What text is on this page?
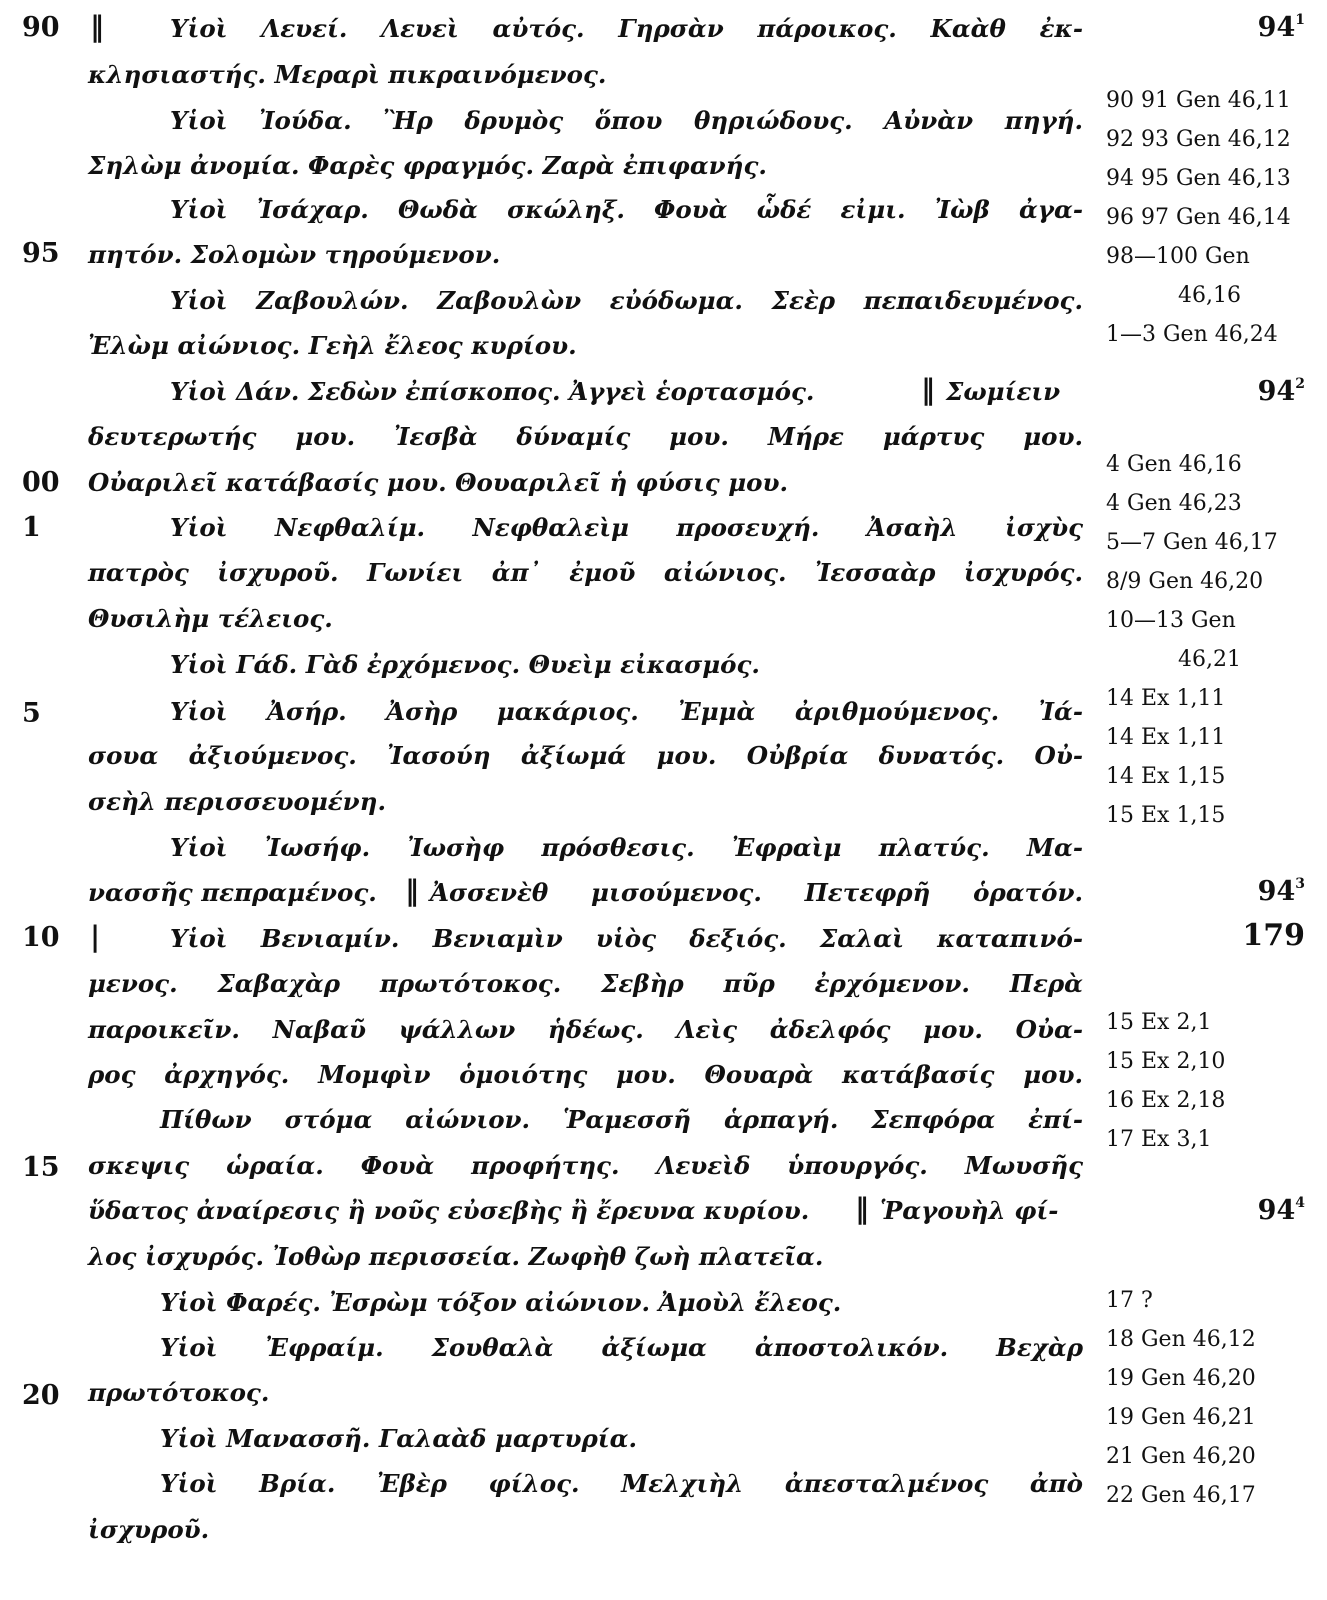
90 ‖
95
00
1
5
10 |
15
20
Υἱοὶ Λευεί. Λευεὶ αὐτός. Γηρσὰν πάροικος. Καὰθ ἐκ-
κλησιαστής. Μεραρὶ πικραινόμενος.
Υἱοὶ Ἰούδα. Ἢρ δρυμὸς ὅπου θηριώδους. Αὐνὰν πηγή.
Σηλὼμ ἀνομία. Φαρὲς φραγμός. Ζαρὰ ἐπιφανής.
Υἱοὶ Ἰσάχαρ. Θωδὰ σκώληξ. Φουὰ ὧδέ εἰμι. Ἰὼβ ἀγα-
πητόν. Σολομὼν τηρούμενον.
Υἱοὶ Ζαβουλών. Ζαβουλὼν εὐόδωμα. Σεὲρ πεπαιδευμένος.
Ἐλὼμ αἰώνιος. Γεὴλ ἔλεος κυρίου.
Υἱοὶ Δάν. Σεδὼν ἐπίσκοπος. Ἀγγεὶ ἑορτασμός.	‖ Σωμίειν
δευτερωτής μου. Ἰεσβὰ δύναμίς μου. Μήρε μάρτυς μου.
Οὐαριλεῖ κατάβασίς μου. Θουαριλεῖ ἡ φύσις μου.
Υἱοὶ Νεφθαλίμ. Νεφθαλεὶμ προσευχή. Ἀσαὴλ ἰσχὺς
πατρὸς ἰσχυροῦ. Γωνίει ἀπ᾽ ἐμοῦ αἰώνιος. Ἰεσσαὰρ ἰσχυρός.
Θυσιλὴμ τέλειος.
Υἱοὶ Γάδ. Γὰδ ἐρχόμενος. Θυεὶμ εἰκασμός.
Υἱοὶ Ἀσήρ. Ἀσὴρ μακάριος. Ἐμμὰ ἀριθμούμενος. Ἰά-
σουα ἀξιούμενος. Ἰασούη ἀξίωμά μου. Οὐβρία δυνατός. Οὐ-
σεὴλ περισσευομένη.
Υἱοὶ Ἰωσήφ. Ἰωσὴφ πρόσθεσις. Ἐφραὶμ πλατύς. Μα-
νασσῆς πεπραμένος. ‖ Ἀσσενὲθ μισούμενος. Πετεφρῆ ὁρατόν.
Υἱοὶ Βενιαμίν. Βενιαμὶν υἱὸς δεξιός. Σαλαὶ καταπινό-
μενος. Σαβαχὰρ πρωτότοκος. Σεβὴρ πῦρ ἐρχόμενον. Περὰ
παροικεῖν. Ναβαῦ ψάλλων ἡδέως. Λεὶς ἀδελφός μου. Οὐα-
ρος ἀρχηγός. Μομφὶν ὁμοιότης μου. Θουαρὰ κατάβασίς μου.
Πίθων στόμα αἰώνιον. Ῥαμεσσῆ ἁρπαγή. Σεπφόρα ἐπί-
σκεψις ὡραία. Φουὰ προφήτης. Λευεὶδ ὑπουργός. Μωυσῆς
ὕδατος ἀναίρεσις ἢ νοῦς εὐσεβὴς ἢ ἔρευνα κυρίου. ‖ Ῥαγουὴλ φί-
λος ἰσχυρός. Ἰοθὼρ περισσεία. Ζωφὴθ ζωὴ πλατεῖα.
Υἱοὶ Φαρές. Ἐσρὼμ τόξον αἰώνιον. Ἀμοὺλ ἔλεος.
Υἱοὶ Ἐφραίμ. Σουθαλὰ ἀξίωμα ἀποστολικόν. Βεχὰρ
πρωτότοκος.
Υἱοὶ Μανασσῆ. Γαλαὰδ μαρτυρία.
Υἱοὶ Βρία. Ἐβὲρ φίλος. Μελχιὴλ ἀπεσταλμένος ἀπὸ
ἰσχυροῦ.
$94^1$
$94^2$
$94^3$
179
$94^4$
90 91 Gen 46,11
92 93 Gen 46,12
94 95 Gen 46,13
96 97 Gen 46,14
98—100 Gen
46,16
1—3 Gen 46,24
4 Gen 46,16
4 Gen 46,23
5—7 Gen 46,17
8/9 Gen 46,20
10—13 Gen
46,21
14 Ex 1,11
14 Ex 1,11
14 Ex 1,15
15 Ex 1,15
15 Ex 2,1
15 Ex 2,10
16 Ex 2,18
17 Ex 3,1
17 ?
18 Gen 46,12
19 Gen 46,20
19 Gen 46,21
21 Gen 46,20
22 Gen 46,17
